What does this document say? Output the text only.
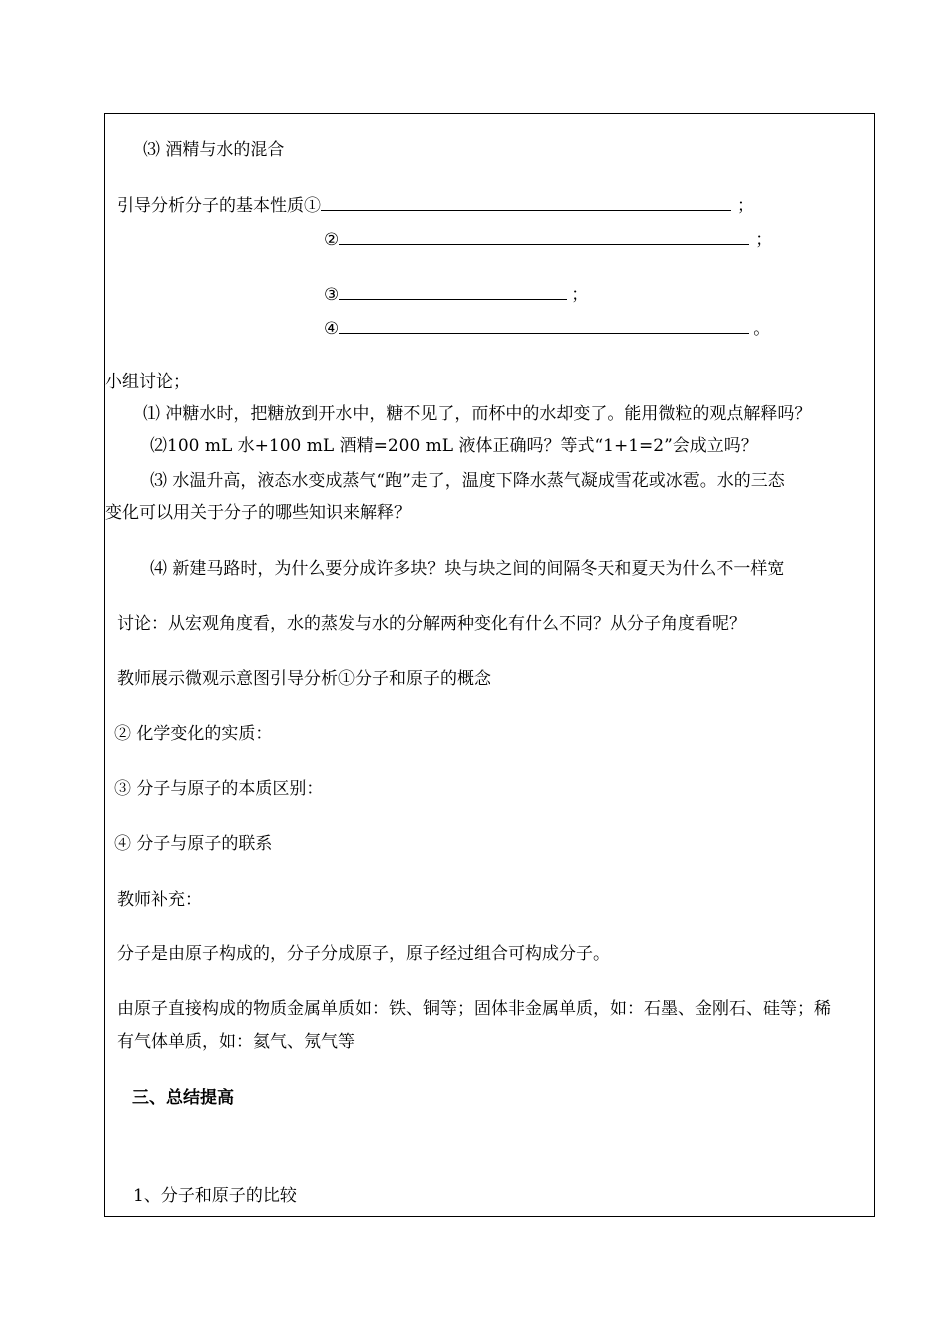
⑶ 酒精与水的混合
引导分析分子的基本性质①	；
②	；
③	；
④	。
小组讨论；
⑴ 冲糖水时，把糖放到开水中，糖不见了，而杯中的水却变了。能用微粒的观点解释吗？
⑵100 mL 水+100 mL 酒精=200 mL 液体正确吗？等式“1+1=2”会成立吗？
⑶ 水温升高，液态水变成蒸气“跑”走了，温度下降水蒸气凝成雪花或冰雹。水的三态
变化可以用关于分子的哪些知识来解释？
⑷ 新建马路时，为什么要分成许多块？块与块之间的间隔冬天和夏天为什么不一样宽
讨论：从宏观角度看，水的蒸发与水的分解两种变化有什么不同？从分子角度看呢？
教师展示微观示意图引导分析①分子和原子的概念
② 化学变化的实质：
③ 分子与原子的本质区别：
④ 分子与原子的联系
教师补充：
分子是由原子构成的，分子分成原子，原子经过组合可构成分子。
由原子直接构成的物质金属单质如：铁、铜等；固体非金属单质，如：石墨、金刚石、硅等；稀
有气体单质，如：氦气、氖气等
三、总结提高
1、分子和原子的比较
